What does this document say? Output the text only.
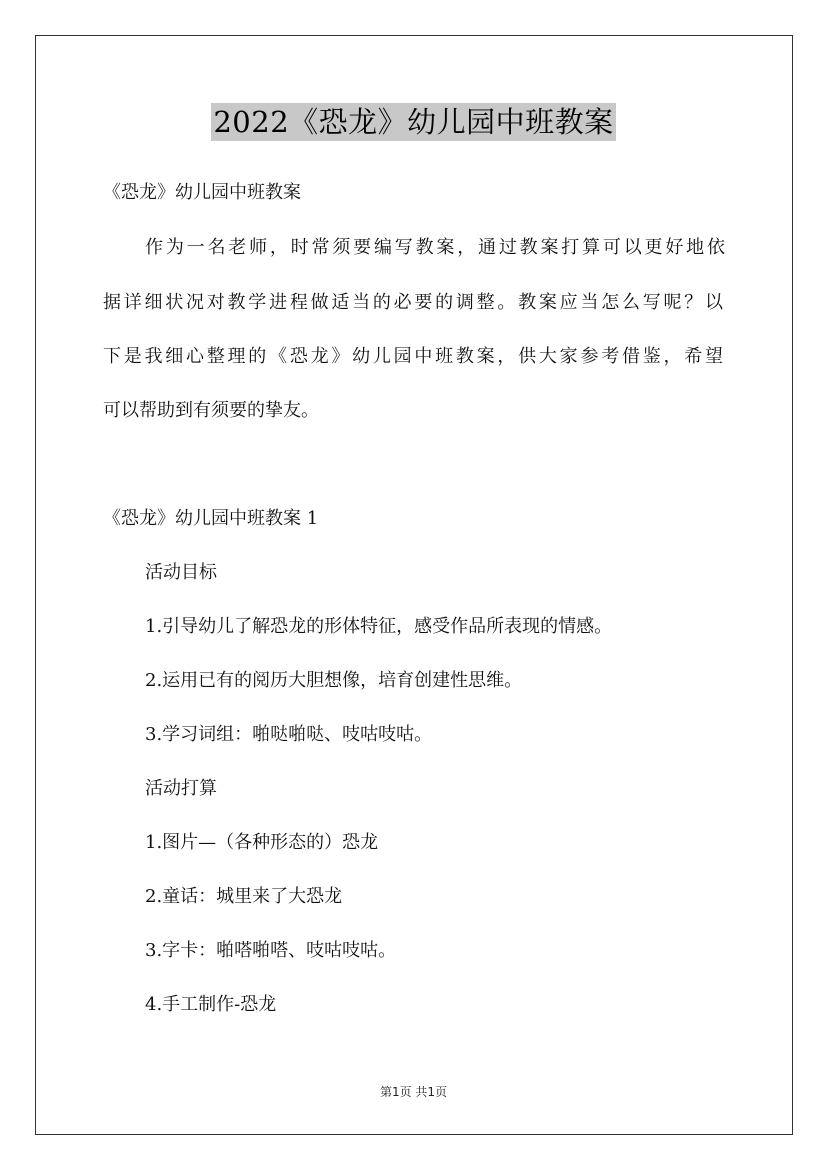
2022《恐龙》幼儿园中班教案
《恐龙》幼儿园中班教案
作为一名老师，时常须要编写教案，通过教案打算可以更好地依
据详细状况对教学进程做适当的必要的调整。教案应当怎么写呢？以
下是我细心整理的《恐龙》幼儿园中班教案，供大家参考借鉴，希望
可以帮助到有须要的挚友。
《恐龙》幼儿园中班教案 1
活动目标
1.引导幼儿了解恐龙的形体特征，感受作品所表现的情感。
2.运用已有的阅历大胆想像，培育创建性思维。
3.学习词组：啪哒啪哒、吱咕吱咕。
活动打算
1.图片—（各种形态的）恐龙
2.童话：城里来了大恐龙
3.字卡：啪嗒啪嗒、吱咕吱咕。
4.手工制作-恐龙
第1页 共1页
